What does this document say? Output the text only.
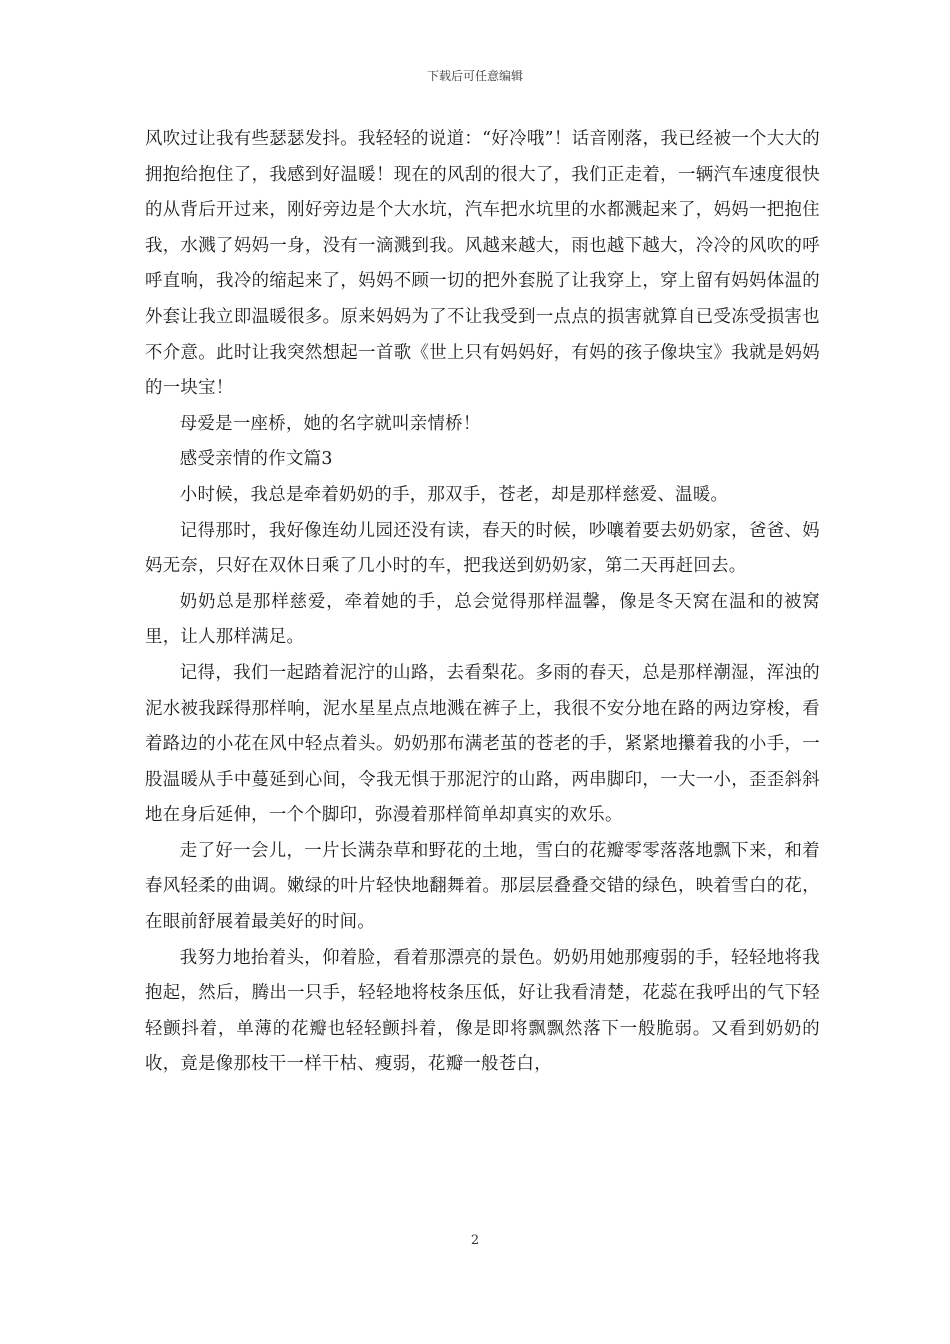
下载后可任意编辑

风吹过让我有些瑟瑟发抖。我轻轻的说道：“好冷哦”！话音刚落，我已经被一个大大的拥抱给抱住了，我感到好温暖！现在的风刮的很大了，我们正走着，一辆汽车速度很快的从背后开过来，刚好旁边是个大水坑，汽车把水坑里的水都溅起来了，妈妈一把抱住我，水溅了妈妈一身，没有一滴溅到我。风越来越大，雨也越下越大，冷冷的风吹的呼呼直响，我冷的缩起来了，妈妈不顾一切的把外套脱了让我穿上，穿上留有妈妈体温的外套让我立即温暖很多。原来妈妈为了不让我受到一点点的损害就算自已受冻受损害也不介意。此时让我突然想起一首歌《世上只有妈妈好，有妈的孩子像块宝》我就是妈妈的一块宝！

母爱是一座桥，她的名字就叫亲情桥！

感受亲情的作文篇3

小时候，我总是牵着奶奶的手，那双手，苍老，却是那样慈爱、温暖。

记得那时，我好像连幼儿园还没有读，春天的时候，吵嚷着要去奶奶家，爸爸、妈妈无奈，只好在双休日乘了几小时的车，把我送到奶奶家，第二天再赶回去。

奶奶总是那样慈爱，牵着她的手，总会觉得那样温馨，像是冬天窝在温和的被窝里，让人那样满足。

记得，我们一起踏着泥泞的山路，去看梨花。多雨的春天，总是那样潮湿，浑浊的泥水被我踩得那样响，泥水星星点点地溅在裤子上，我很不安分地在路的两边穿梭，看着路边的小花在风中轻点着头。奶奶那布满老茧的苍老的手，紧紧地攥着我的小手，一股温暖从手中蔓延到心间，令我无惧于那泥泞的山路，两串脚印，一大一小，歪歪斜斜地在身后延伸，一个个脚印，弥漫着那样简单却真实的欢乐。

走了好一会儿，一片长满杂草和野花的土地，雪白的花瓣零零落落地飘下来，和着春风轻柔的曲调。嫩绿的叶片轻快地翻舞着。那层层叠叠交错的绿色，映着雪白的花，在眼前舒展着最美好的时间。

我努力地抬着头，仰着脸，看着那漂亮的景色。奶奶用她那瘦弱的手，轻轻地将我抱起，然后，腾出一只手，轻轻地将枝条压低，好让我看清楚，花蕊在我呼出的气下轻轻颤抖着，单薄的花瓣也轻轻颤抖着，像是即将飘飘然落下一般脆弱。又看到奶奶的收，竟是像那枝干一样干枯、瘦弱，花瓣一般苍白，

2
